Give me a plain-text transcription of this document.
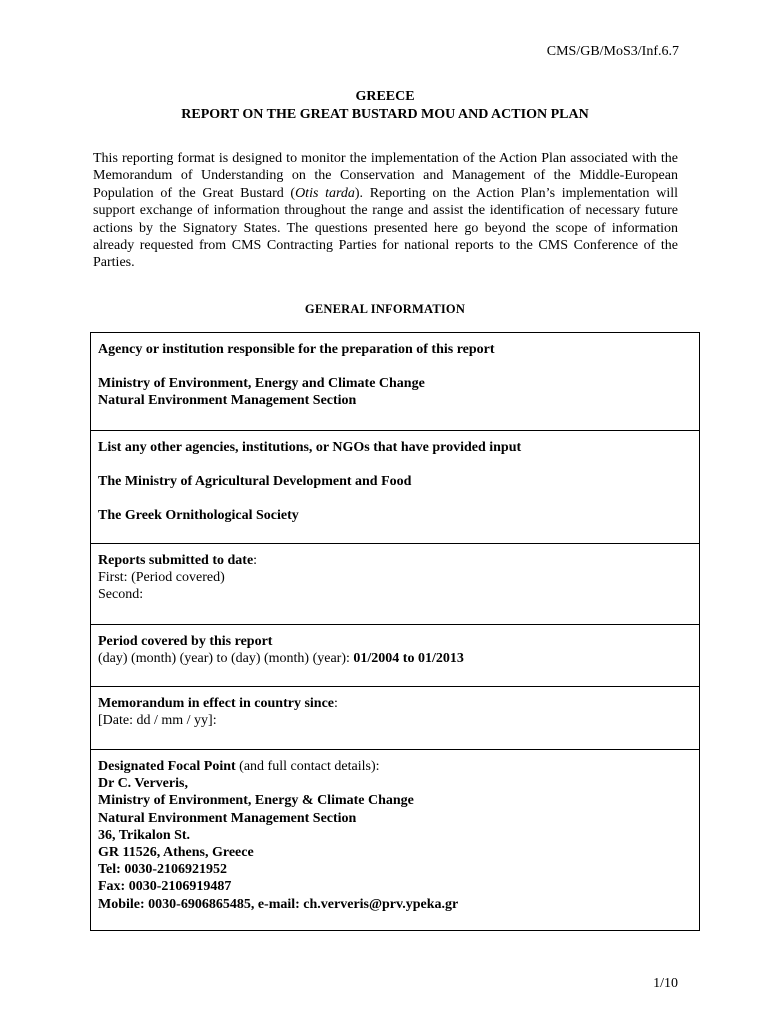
CMS/GB/MoS3/Inf.6.7
GREECE
REPORT ON THE GREAT BUSTARD MOU AND ACTION PLAN
This reporting format is designed to monitor the implementation of the Action Plan associated with the Memorandum of Understanding on the Conservation and Management of the Middle-European Population of the Great Bustard (Otis tarda). Reporting on the Action Plan’s implementation will support exchange of information throughout the range and assist the identification of necessary future actions by the Signatory States. The questions presented here go beyond the scope of information already requested from CMS Contracting Parties for national reports to the CMS Conference of the Parties.
GENERAL INFORMATION
Agency or institution responsible for the preparation of this report
Ministry of Environment, Energy and Climate Change
Natural Environment Management Section
List any other agencies, institutions, or NGOs that have provided input
The Ministry of Agricultural Development and Food
The Greek Ornithological Society
Reports submitted to date:
First: (Period covered)
Second:
Period covered by this report
(day) (month) (year) to (day) (month) (year): 01/2004 to 01/2013
Memorandum in effect in country since:
[Date: dd / mm / yy]:
Designated Focal Point (and full contact details):
Dr C. Ververis,
Ministry of Environment, Energy & Climate Change
Natural Environment Management Section
36, Trikalon St.
GR 11526, Athens, Greece
Tel: 0030-2106921952
Fax: 0030-2106919487
Mobile: 0030-6906865485, e-mail: ch.ververis@prv.ypeka.gr
1/10
